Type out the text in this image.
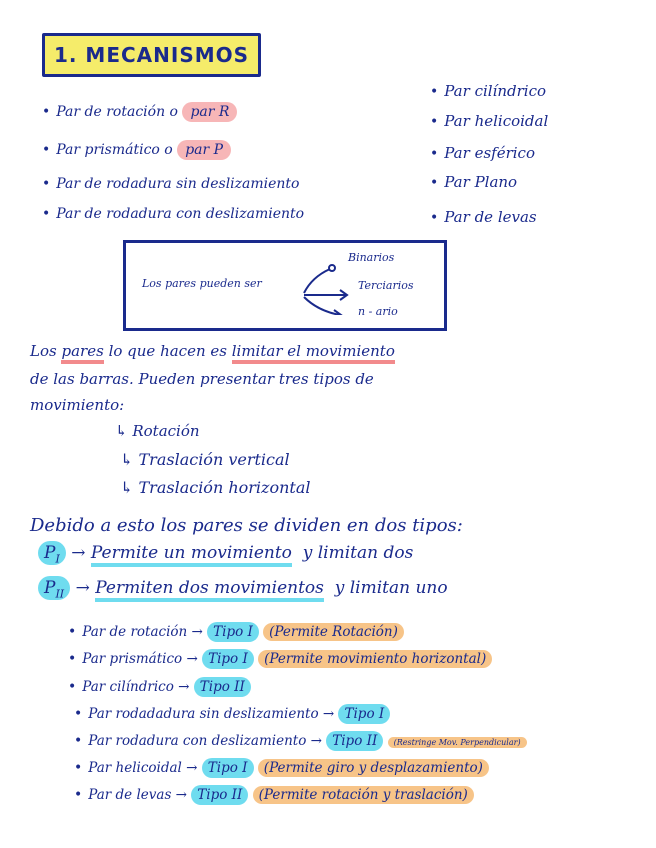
1. MECANISMOS
• Par de rotación o par R
• Par prismático o par P
• Par de rodadura sin deslizamiento
• Par de rodadura con deslizamiento
• Par cilíndrico
• Par helicoidal
• Par esférico
• Par Plano
• Par de levas
Los pares pueden ser
Binarios
Terciarios
n - ario
Los pares lo que hacen es limitar el movimiento
de las barras. Pueden presentar tres tipos de
movimiento:
↳ Rotación
↳ Traslación vertical
↳ Traslación horizontal
Debido a esto los pares se dividen en dos tipos:
$P_I$ → Permite un movimiento y limitan dos
$P_{II}$ → Permiten dos movimientos y limitan uno
• Par de rotación → Tipo I (Permite Rotación)
• Par prismático → Tipo I (Permite movimiento horizontal)
• Par cilíndrico → Tipo II
• Par rodadadura sin deslizamiento → Tipo I
• Par rodadura con deslizamiento → Tipo II (Restringe Mov. Perpendicular)
• Par helicoidal → Tipo I (Permite giro y desplazamiento)
• Par de levas → Tipo II (Permite rotación y traslación)
